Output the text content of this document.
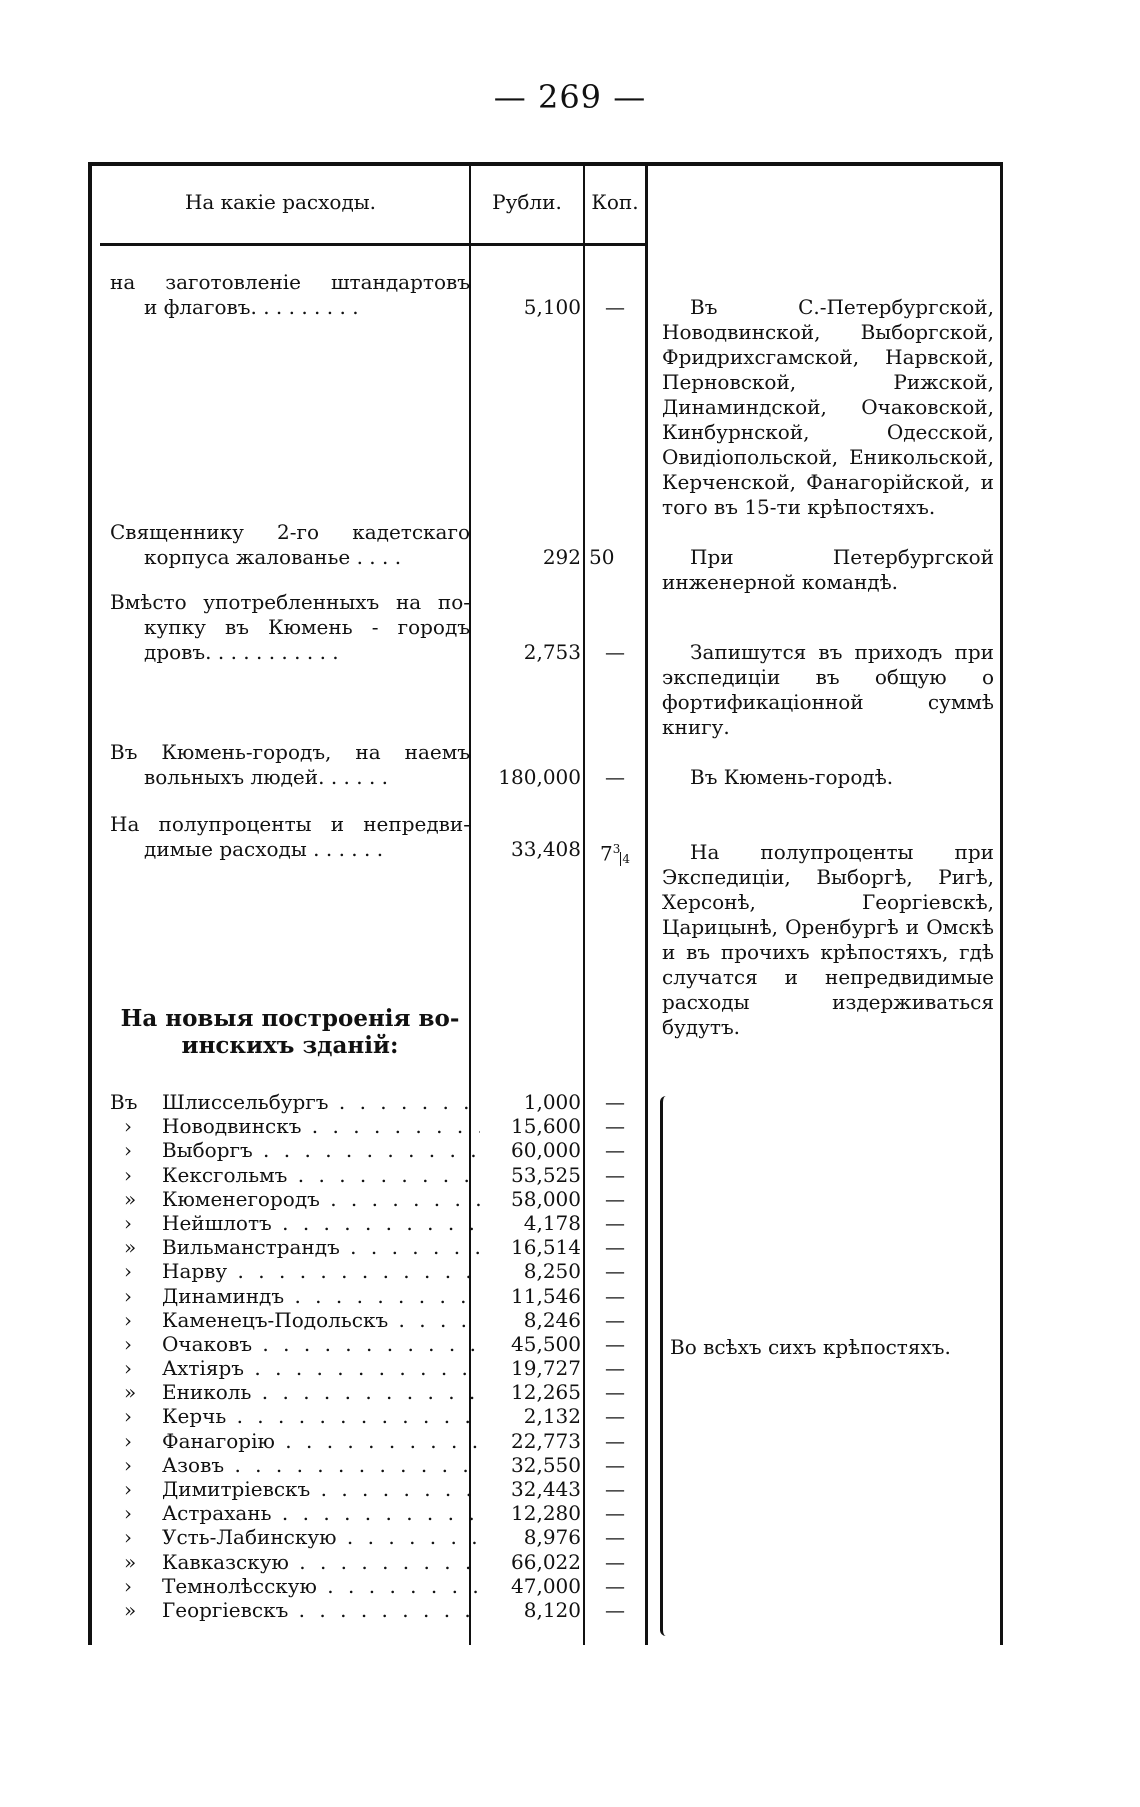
— 269 —
На какіе расходы.	Рубли.	Коп.
на заготовленіе штандартовъ
и флаговъ. . . . . . . . .	5,100	—	Въ С.-Петербургской, Новодвинской, Выборгской, Фридрихсгамской, Нарвской, Перновской, Рижской, Динаминдской, Очаковской, Кинбурнской, Одесской, Овидіопольской, Еникольской, Керченской, Фанагорійской, и того въ 15-ти крѣпостяхъ.

Священнику 2-го кадетскаго
корпуса жалованье . . . .	292 50	При Петербургской инженерной командѣ.

Вмѣсто употребленныхъ на по-
купку въ Кюмень - городъ
дровъ. . . . . . . . . . .	2,753	—	Запишутся въ приходъ при экспедиціи въ общую о фортификаціонной суммѣ книгу.

Въ Кюмень-городъ, на наемъ
вольныхъ людей. . . . . .	180,000	—	Въ Кюмень-городѣ.

На полупроценты и непредви-
димые расходы . . . . . .	33,408 $7^34$	На полупроценты при Экспедиціи, Выборгѣ, Ригѣ, Херсонѣ, Георгіевскѣ, Царицынѣ, Оренбургѣ и Омскѣ и въ прочихъ крѣпостяхъ, гдѣ случатся и непредвидимые расходы издерживаться будутъ.

На новыя построенія во-
инскихъ зданій:
Въ	Шлиссельбургъ . . .	1,000	—
›	Новодвинскъ . . .	15,600	—
›	Выборгъ . . .	60,000	—
›	Кексгольмъ . . .	53,525	—
»	Кюменегородъ . . .	58,000	—
›	Нейшлотъ . . .	4,178	—
»	Вильманстрандъ . . .	16,514	—
›	Нарву . . .	8,250	—
›	Динаминдъ . . .	11,546	—
›	Каменецъ-Подольскъ . . .	8,246	—
›	Очаковъ . . .	45,500	—
›	Ахтіяръ . . .	19,727	—
»	Ениколь . . .	12,265	—
›	Керчь . . .	2,132	—
›	Фанагорію . . .	22,773	—
›	Азовъ . . .	32,550	—
›	Димитріевскъ . . .	32,443	—
›	Астрахань . . .	12,280	—
›	Усть-Лабинскую . . .	8,976	—
»	Кавказскую . . .	66,022	—
›	Темнолѣсскую . . .	47,000	—
»	Георгіевскъ . . .	8,120	—
Во всѣхъ сихъ крѣпостяхъ.
